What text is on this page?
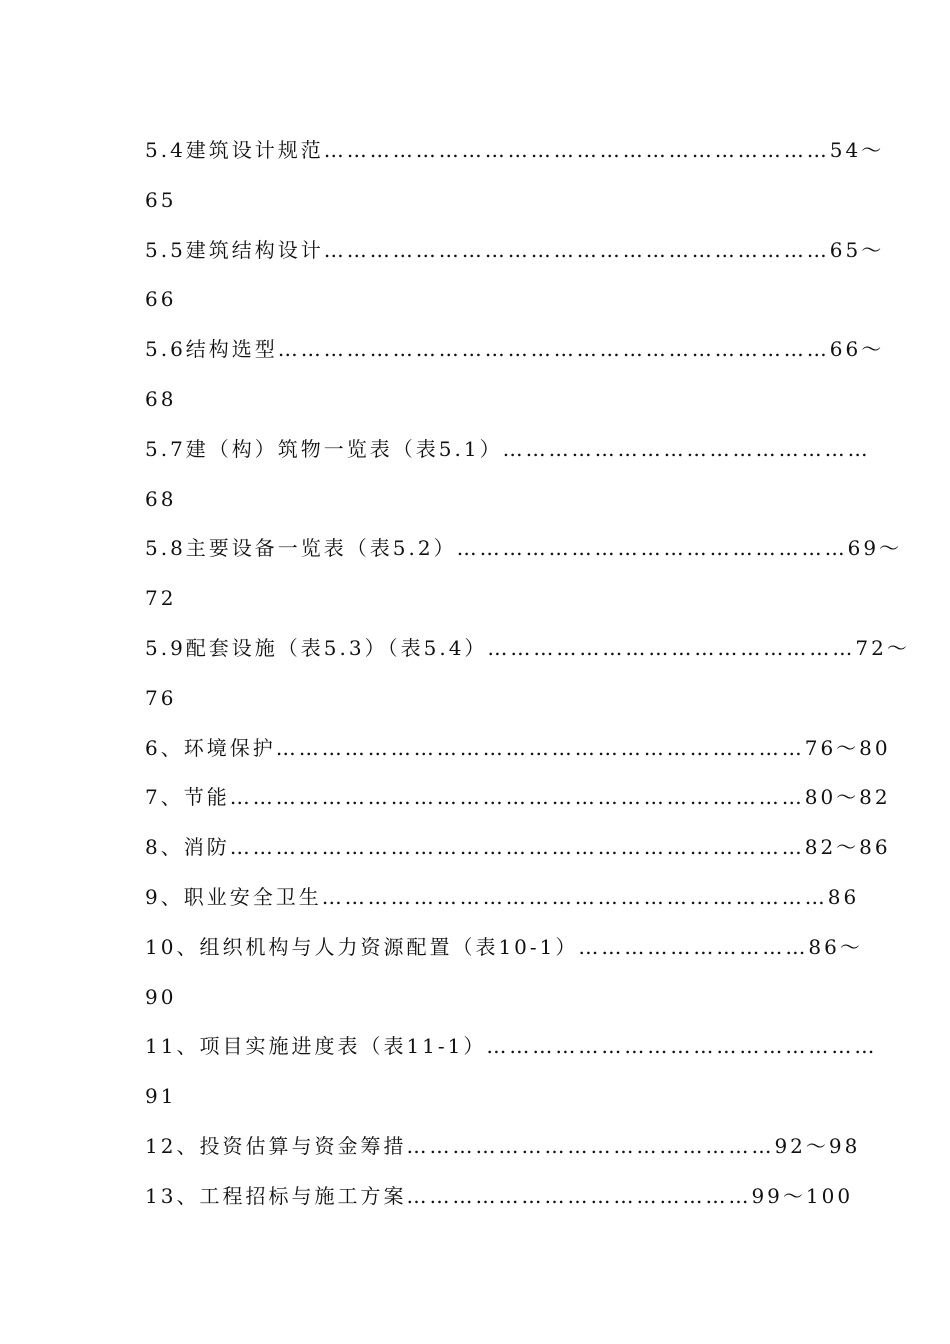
5.4建筑设计规范…………………………………………………………54～
65
5.5建筑结构设计…………………………………………………………65～
66
5.6结构选型………………………………………………………………66～
68
5.7建（构）筑物一览表（表5.1）…………………………………………
68
5.8主要设备一览表（表5.2）……………………………………………69～
72
5.9配套设施（表5.3）（表5.4）…………………………………………72～
76
6、环境保护……………………………………………………………76～80
7、节能…………………………………………………………………80～82
8、消防…………………………………………………………………82～86
9、职业安全卫生…………………………………………………………86
10、组织机构与人力资源配置（表10-1）…………………………86～
90
11、项目实施进度表（表11-1）……………………………………………
91
12、投资估算与资金筹措…………………………………………92～98
13、工程招标与施工方案………………………………………99～100
